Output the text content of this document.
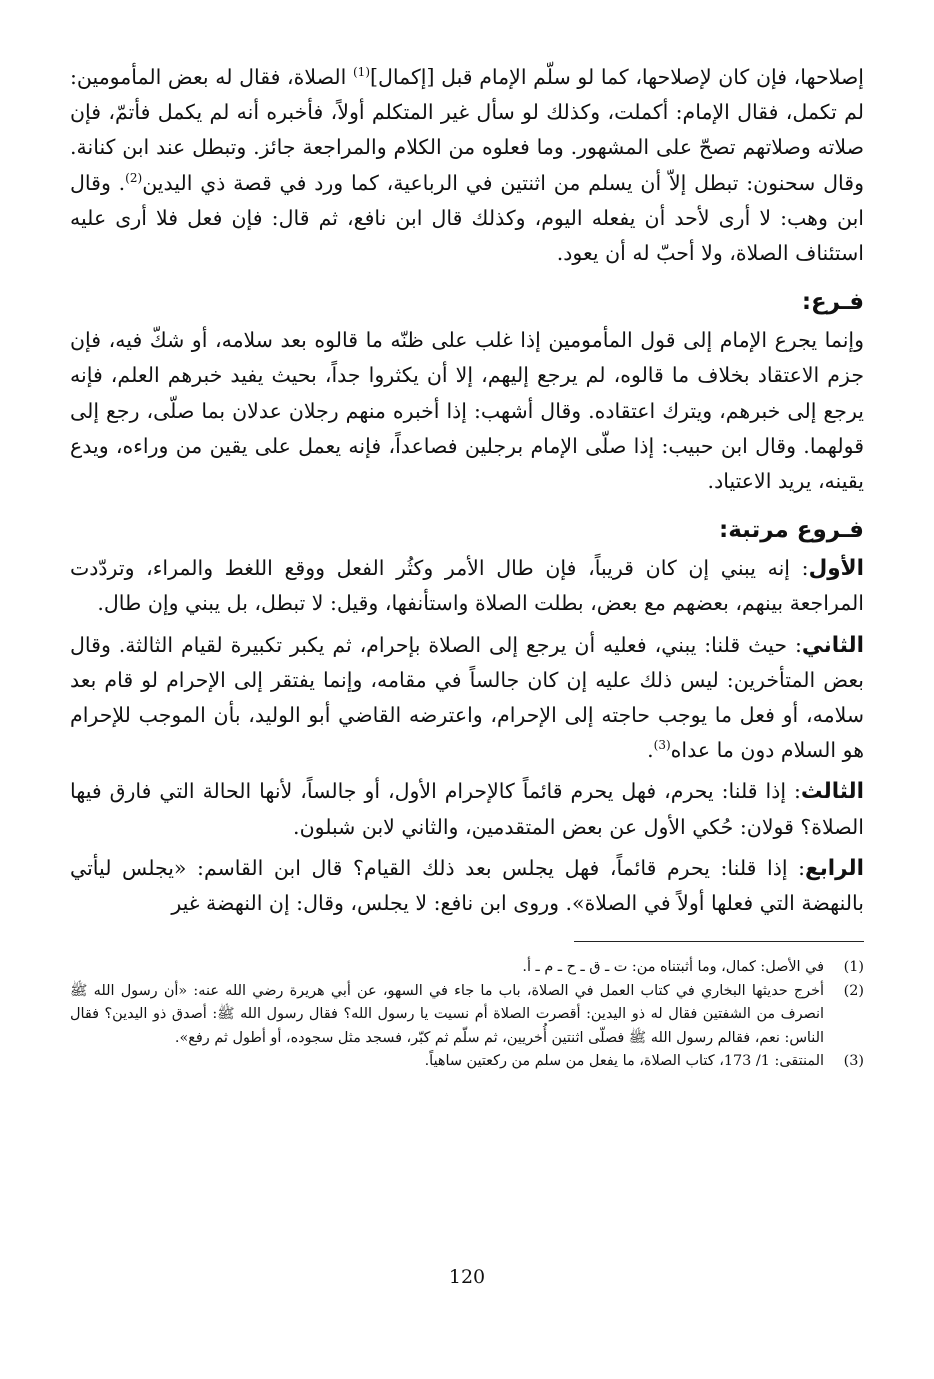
إصلاحها، فإن كان لإصلاحها، كما لو سلّم الإمام قبل [إكمال]$^{(1)}$ الصلاة، فقال له بعض المأمومين: لم تكمل، فقال الإمام: أكملت، وكذلك لو سأل غير المتكلم أولاً، فأخبره أنه لم يكمل فأتمّ، فإن صلاته وصلاتهم تصحّ على المشهور. وما فعلوه من الكلام والمراجعة جائز. وتبطل عند ابن كنانة. وقال سحنون: تبطل إلاّ أن يسلم من اثنتين في الرباعية، كما ورد في قصة ذي اليدين$^{(2)}$. وقال ابن وهب: لا أرى لأحد أن يفعله اليوم، وكذلك قال ابن نافع، ثم قال: فإن فعل فلا أرى عليه استئناف الصلاة، ولا أحبّ له أن يعود.

فـرع:

وإنما يجرع الإمام إلى قول المأمومين إذا غلب على ظنّه ما قالوه بعد سلامه، أو شكّ فيه، فإن جزم الاعتقاد بخلاف ما قالوه، لم يرجع إليهم، إلا أن يكثروا جداً، بحيث يفيد خبرهم العلم، فإنه يرجع إلى خبرهم، ويترك اعتقاده. وقال أشهب: إذا أخبره منهم رجلان عدلان بما صلّى، رجع إلى قولهما. وقال ابن حبيب: إذا صلّى الإمام برجلين فصاعداً، فإنه يعمل على يقين من وراءه، ويدع يقينه، يريد الاعتياد.

فـروع مرتبة:

الأول: إنه يبني إن كان قريباً، فإن طال الأمر وكثُر الفعل ووقع اللغط والمراء، وتردّدت المراجعة بينهم، بعضهم مع بعض، بطلت الصلاة واستأنفها، وقيل: لا تبطل، بل يبني وإن طال.

الثاني: حيث قلنا: يبني، فعليه أن يرجع إلى الصلاة بإحرام، ثم يكبر تكبيرة لقيام الثالثة. وقال بعض المتأخرين: ليس ذلك عليه إن كان جالساً في مقامه، وإنما يفتقر إلى الإحرام لو قام بعد سلامه، أو فعل ما يوجب حاجته إلى الإحرام، واعترضه القاضي أبو الوليد، بأن الموجب للإحرام هو السلام دون ما عداه$^{(3)}$.

الثالث: إذا قلنا: يحرم، فهل يحرم قائماً كالإحرام الأول، أو جالساً، لأنها الحالة التي فارق فيها الصلاة؟ قولان: حُكي الأول عن بعض المتقدمين، والثاني لابن شبلون.

الرابع: إذا قلنا: يحرم قائماً، فهل يجلس بعد ذلك القيام؟ قال ابن القاسم: «يجلس ليأتي بالنهضة التي فعلها أولاً في الصلاة». وروى ابن نافع: لا يجلس، وقال: إن النهضة غير

(1)
في الأصل: كمال، وما أثبتناه من: ت ـ ق ـ ح ـ م ـ أ.
(2)
أخرج حديثها البخاري في كتاب العمل في الصلاة، باب ما جاء في السهو، عن أبي هريرة رضي الله عنه: «أن رسول الله ﷺ انصرف من الشفتين فقال له ذو اليدين: أقصرت الصلاة أم نسيت يا رسول الله؟ فقال رسول الله ﷺ: أصدق ذو اليدين؟ فقال الناس: نعم، فقالم رسول الله ﷺ فصلّى اثنتين أُخريين، ثم سلّم ثم كبّر، فسجد مثل سجوده، أو أطول ثم رفع».
(3)
المنتقى: 1/ 173، كتاب الصلاة، ما يفعل من سلم من ركعتين ساهياً.
120
